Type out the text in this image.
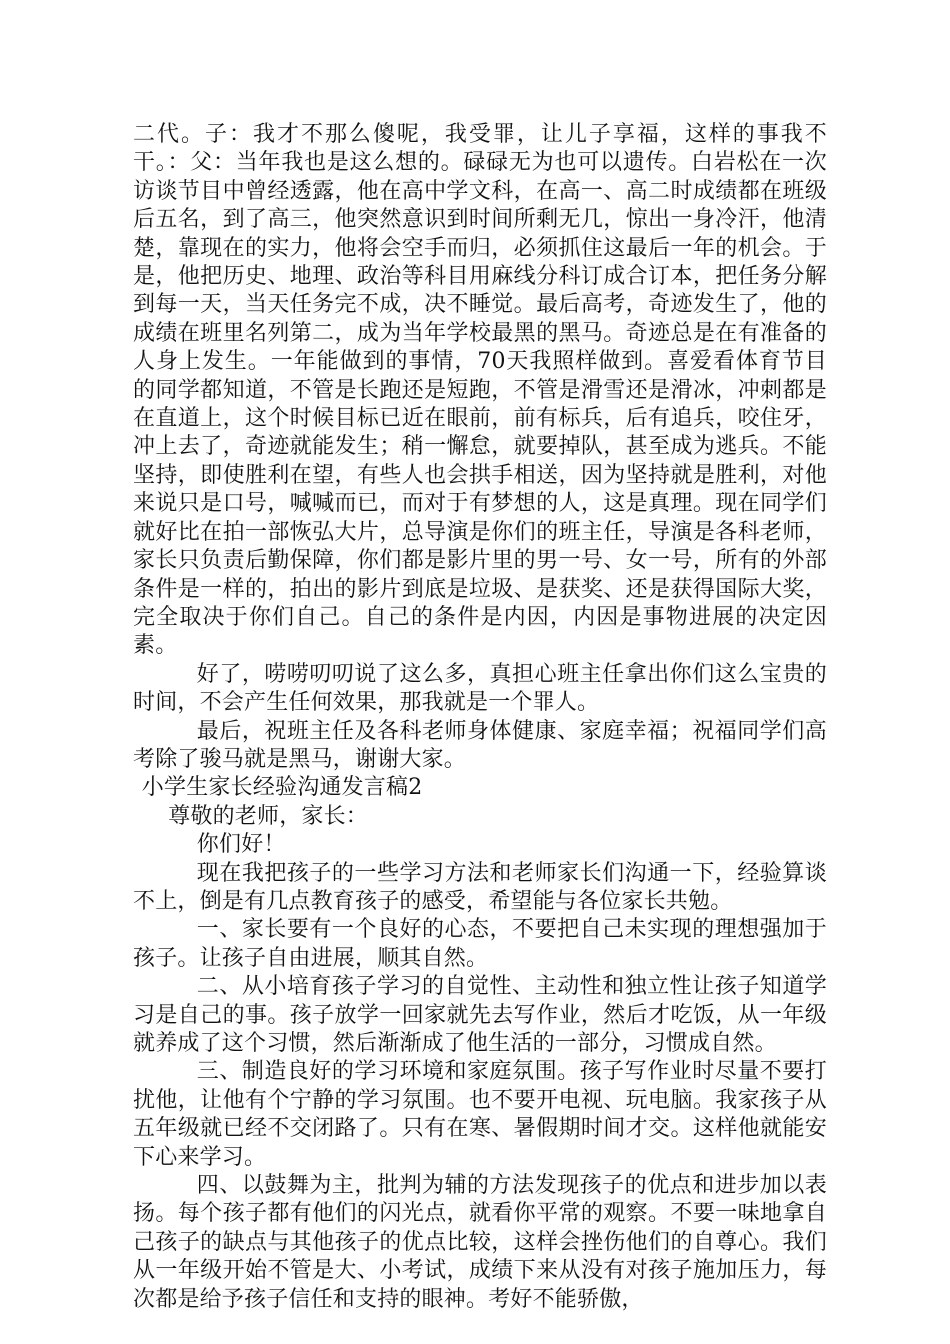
二代。子：我才不那么傻呢，我受罪，让儿子享福，这样的事我不干。：父：当年我也是这么想的。碌碌无为也可以遗传。白岩松在一次访谈节目中曾经透露，他在高中学文科，在高一、高二时成绩都在班级后五名，到了高三，他突然意识到时间所剩无几，惊出一身冷汗，他清楚，靠现在的实力，他将会空手而归，必须抓住这最后一年的机会。于是，他把历史、地理、政治等科目用麻线分科订成合订本，把任务分解到每一天，当天任务完不成，决不睡觉。最后高考，奇迹发生了，他的成绩在班里名列第二，成为当年学校最黑的黑马。奇迹总是在有准备的人身上发生。一年能做到的事情，70天我照样做到。喜爱看体育节目的同学都知道，不管是长跑还是短跑，不管是滑雪还是滑冰，冲刺都是在直道上，这个时候目标已近在眼前，前有标兵，后有追兵，咬住牙，冲上去了，奇迹就能发生；稍一懈怠，就要掉队，甚至成为逃兵。不能坚持，即使胜利在望，有些人也会拱手相送，因为坚持就是胜利，对他来说只是口号，喊喊而已，而对于有梦想的人，这是真理。现在同学们就好比在拍一部恢弘大片，总导演是你们的班主任，导演是各科老师，家长只负责后勤保障，你们都是影片里的男一号、女一号，所有的外部条件是一样的，拍出的影片到底是垃圾、是获奖、还是获得国际大奖，完全取决于你们自己。自己的条件是内因，内因是事物进展的决定因素。

好了，唠唠叨叨说了这么多，真担心班主任拿出你们这么宝贵的时间，不会产生任何效果，那我就是一个罪人。

最后，祝班主任及各科老师身体健康、家庭幸福；祝福同学们高考除了骏马就是黑马，谢谢大家。

小学生家长经验沟通发言稿2

尊敬的老师，家长：

你们好！

现在我把孩子的一些学习方法和老师家长们沟通一下，经验算谈不上，倒是有几点教育孩子的感受，希望能与各位家长共勉。

一、家长要有一个良好的心态，不要把自己未实现的理想强加于孩子。让孩子自由进展，顺其自然。

二、从小培育孩子学习的自觉性、主动性和独立性让孩子知道学习是自己的事。孩子放学一回家就先去写作业，然后才吃饭，从一年级就养成了这个习惯，然后渐渐成了他生活的一部分，习惯成自然。

三、制造良好的学习环境和家庭氛围。孩子写作业时尽量不要打扰他，让他有个宁静的学习氛围。也不要开电视、玩电脑。我家孩子从五年级就已经不交闭路了。只有在寒、暑假期时间才交。这样他就能安下心来学习。

四、以鼓舞为主，批判为辅的方法发现孩子的优点和进步加以表扬。每个孩子都有他们的闪光点，就看你平常的观察。不要一味地拿自己孩子的缺点与其他孩子的优点比较，这样会挫伤他们的自尊心。我们从一年级开始不管是大、小考试，成绩下来从没有对孩子施加压力，每次都是给予孩子信任和支持的眼神。考好不能骄傲，
